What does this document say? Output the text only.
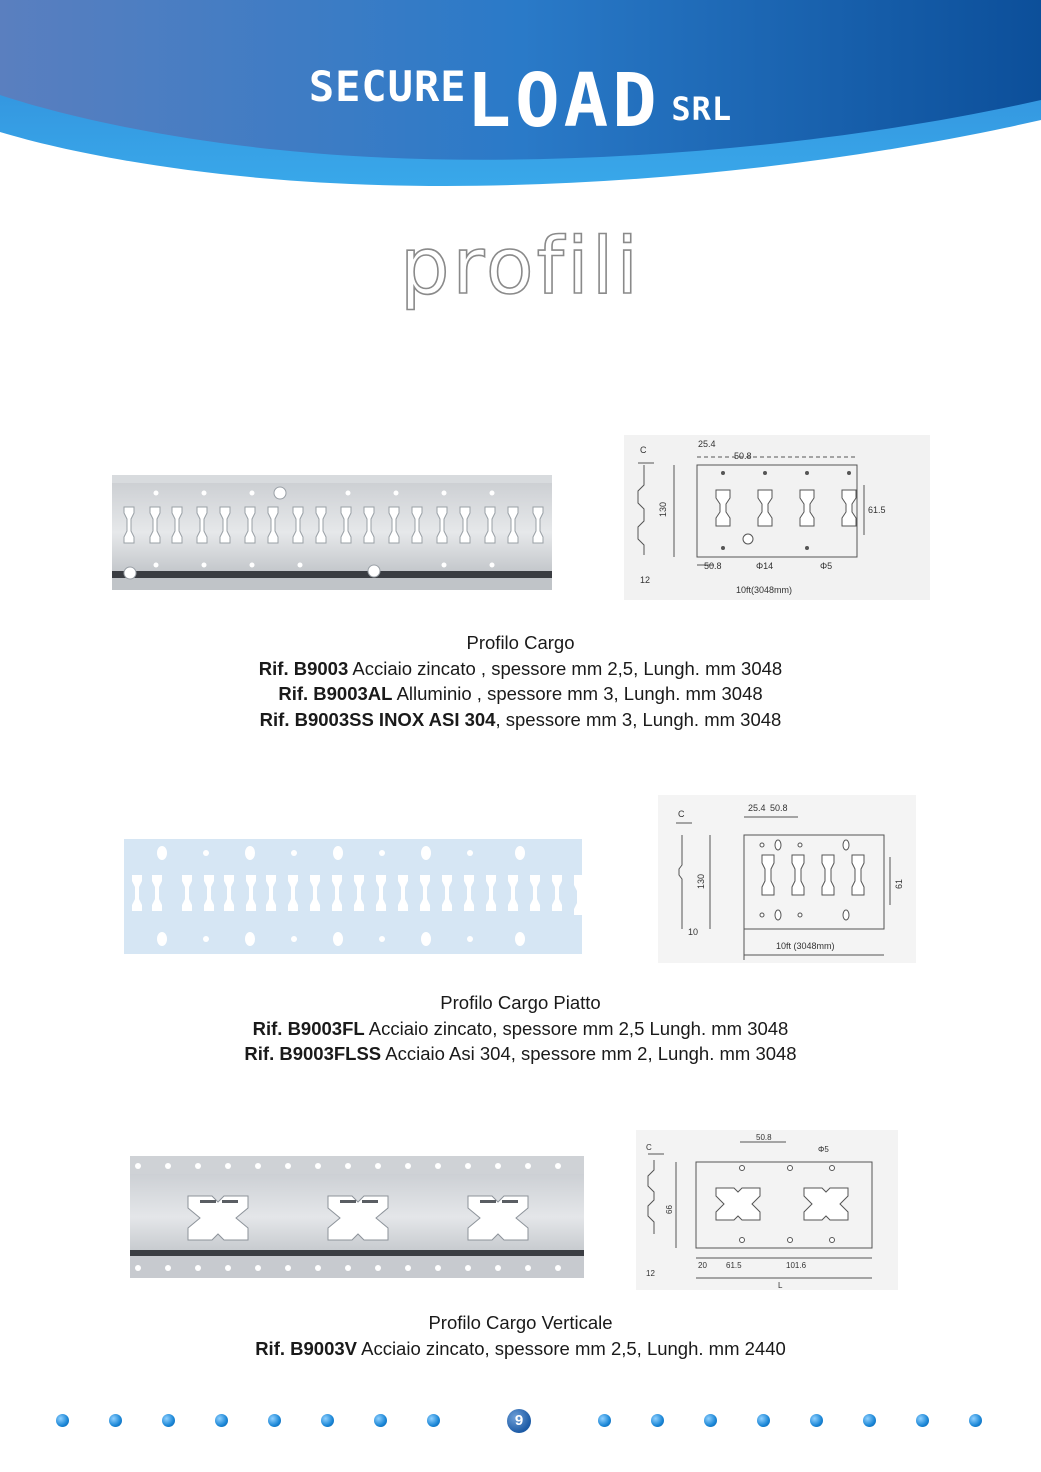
SECURELOAD SRL
profili
C
25.4
50.8
130	61.5
50.8	Φ14	Φ5
12
10ft(3048mm)
Profilo Cargo
Rif. B9003 Acciaio zincato , spessore mm 2,5, Lungh. mm 3048
Rif. B9003AL Alluminio , spessore mm 3, Lungh. mm 3048
Rif. B9003SS INOX ASI 304, spessore mm 3, Lungh. mm 3048
C
25.4 50.8
130	61
10
10ft (3048mm)
Profilo Cargo Piatto
Rif. B9003FL Acciaio zincato, spessore mm 2,5 Lungh. mm 3048
Rif. B9003FLSS Acciaio Asi 304, spessore mm 2, Lungh. mm 3048
C
50.8
Φ5
66
20 61.5	101.6
12
L
Profilo Cargo Verticale
Rif. B9003V Acciaio zincato, spessore mm 2,5, Lungh. mm 2440
9
